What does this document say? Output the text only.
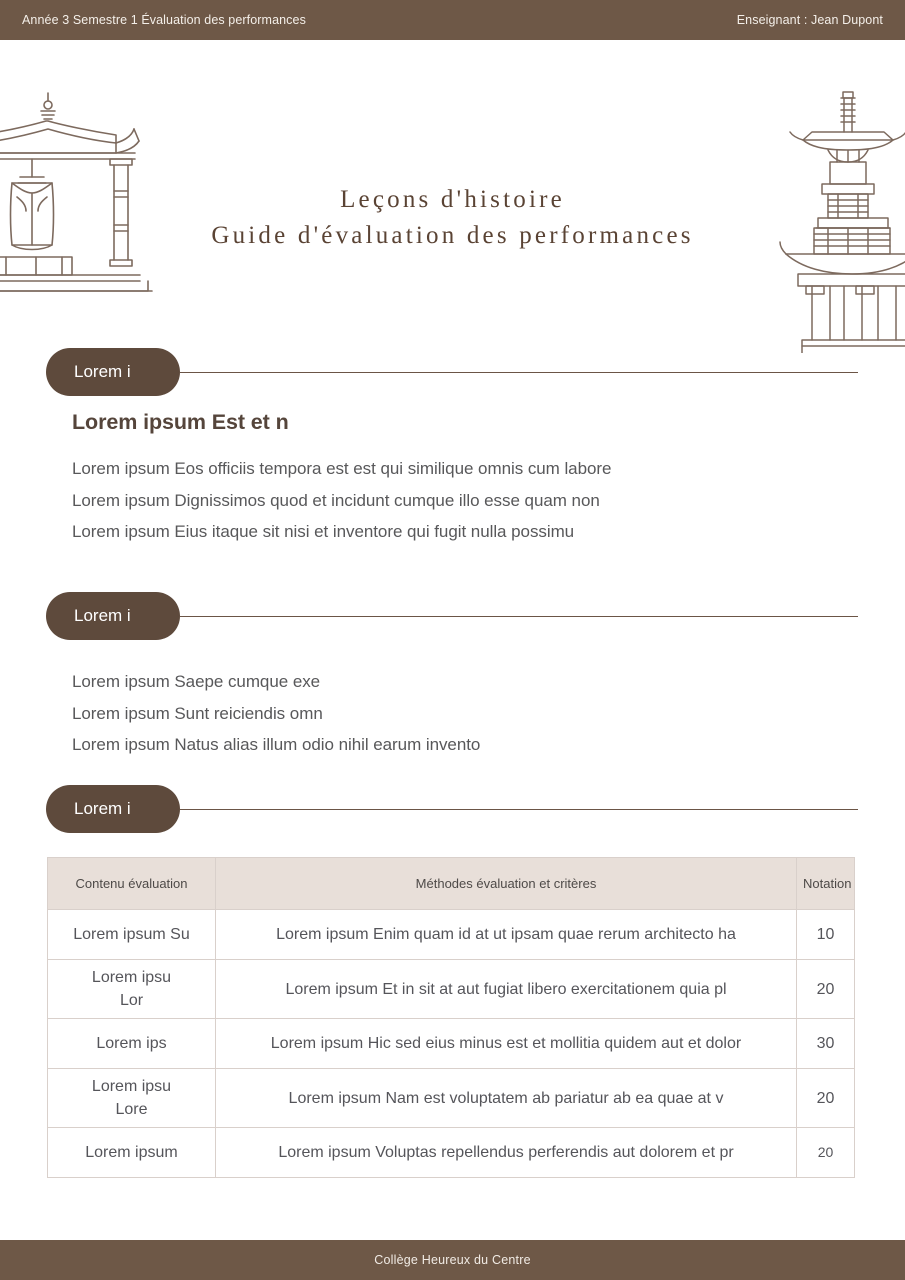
Année 3 Semestre 1 Évaluation des performances	Enseignant : Jean Dupont
Leçons d'histoire
Guide d'évaluation des performances
Lorem i
Lorem ipsum Est et n
Lorem ipsum Eos officiis tempora est est qui similique omnis cum labore
Lorem ipsum Dignissimos quod et incidunt cumque illo esse quam non
Lorem ipsum Eius itaque sit nisi et inventore qui fugit nulla possimu
Lorem i
Lorem ipsum Saepe cumque exe
Lorem ipsum Sunt reiciendis omn
Lorem ipsum Natus alias illum odio nihil earum invento
Lorem i
Contenu évaluation	Méthodes évaluation et critères	Notation
Lorem ipsum Su	Lorem ipsum Enim quam id at ut ipsam quae rerum architecto ha	10

Lorem ipsu
Lor	Lorem ipsum Et in sit at aut fugiat libero exercitationem quia pl	20
Lorem ips	Lorem ipsum Hic sed eius minus est et mollitia quidem aut et dolor	30

Lorem ipsu
Lore	Lorem ipsum Nam est voluptatem ab pariatur ab ea quae at v	20
Lorem ipsum	Lorem ipsum Voluptas repellendus perferendis aut dolorem et pr	20
Collège Heureux du Centre
